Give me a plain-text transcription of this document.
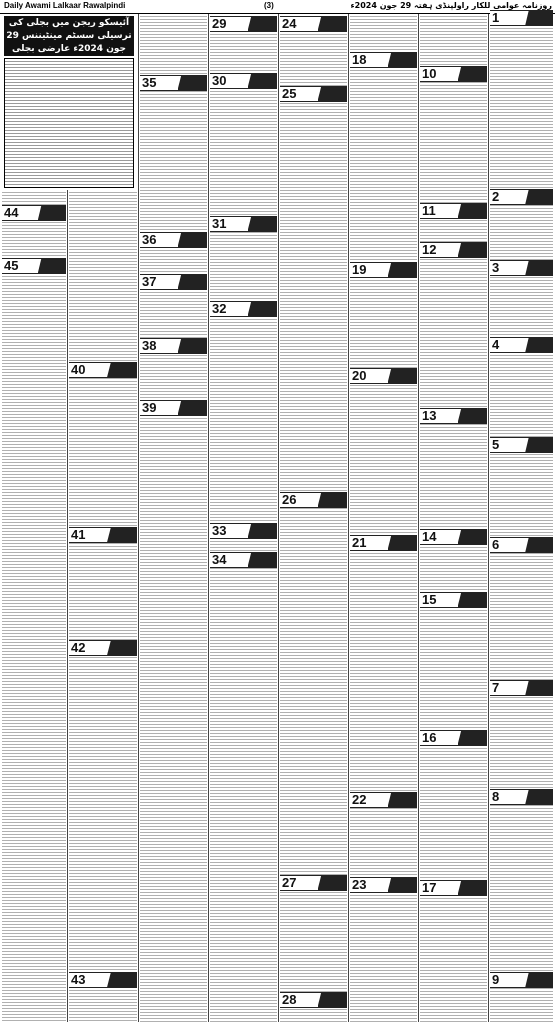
Daily Awami Lalkaar Rawalpindi	(3)	روزنامہ عوامی للکار راولپنڈی ہفتہ 29 جون 2024ء
آئیسکو ریجن میں بجلی کی ترسیلی سسٹم مینٹیننس 29
جون 2024ء عارضی بجلی
1
2
3
4
5
6
7
8
9
10
11
12
13
14
15
16
17
18
19
20
21
22
23
24
25
26
27
28
29
30
31
32
33
34
35
36
37
38
39
40
41
42
43
44
45
